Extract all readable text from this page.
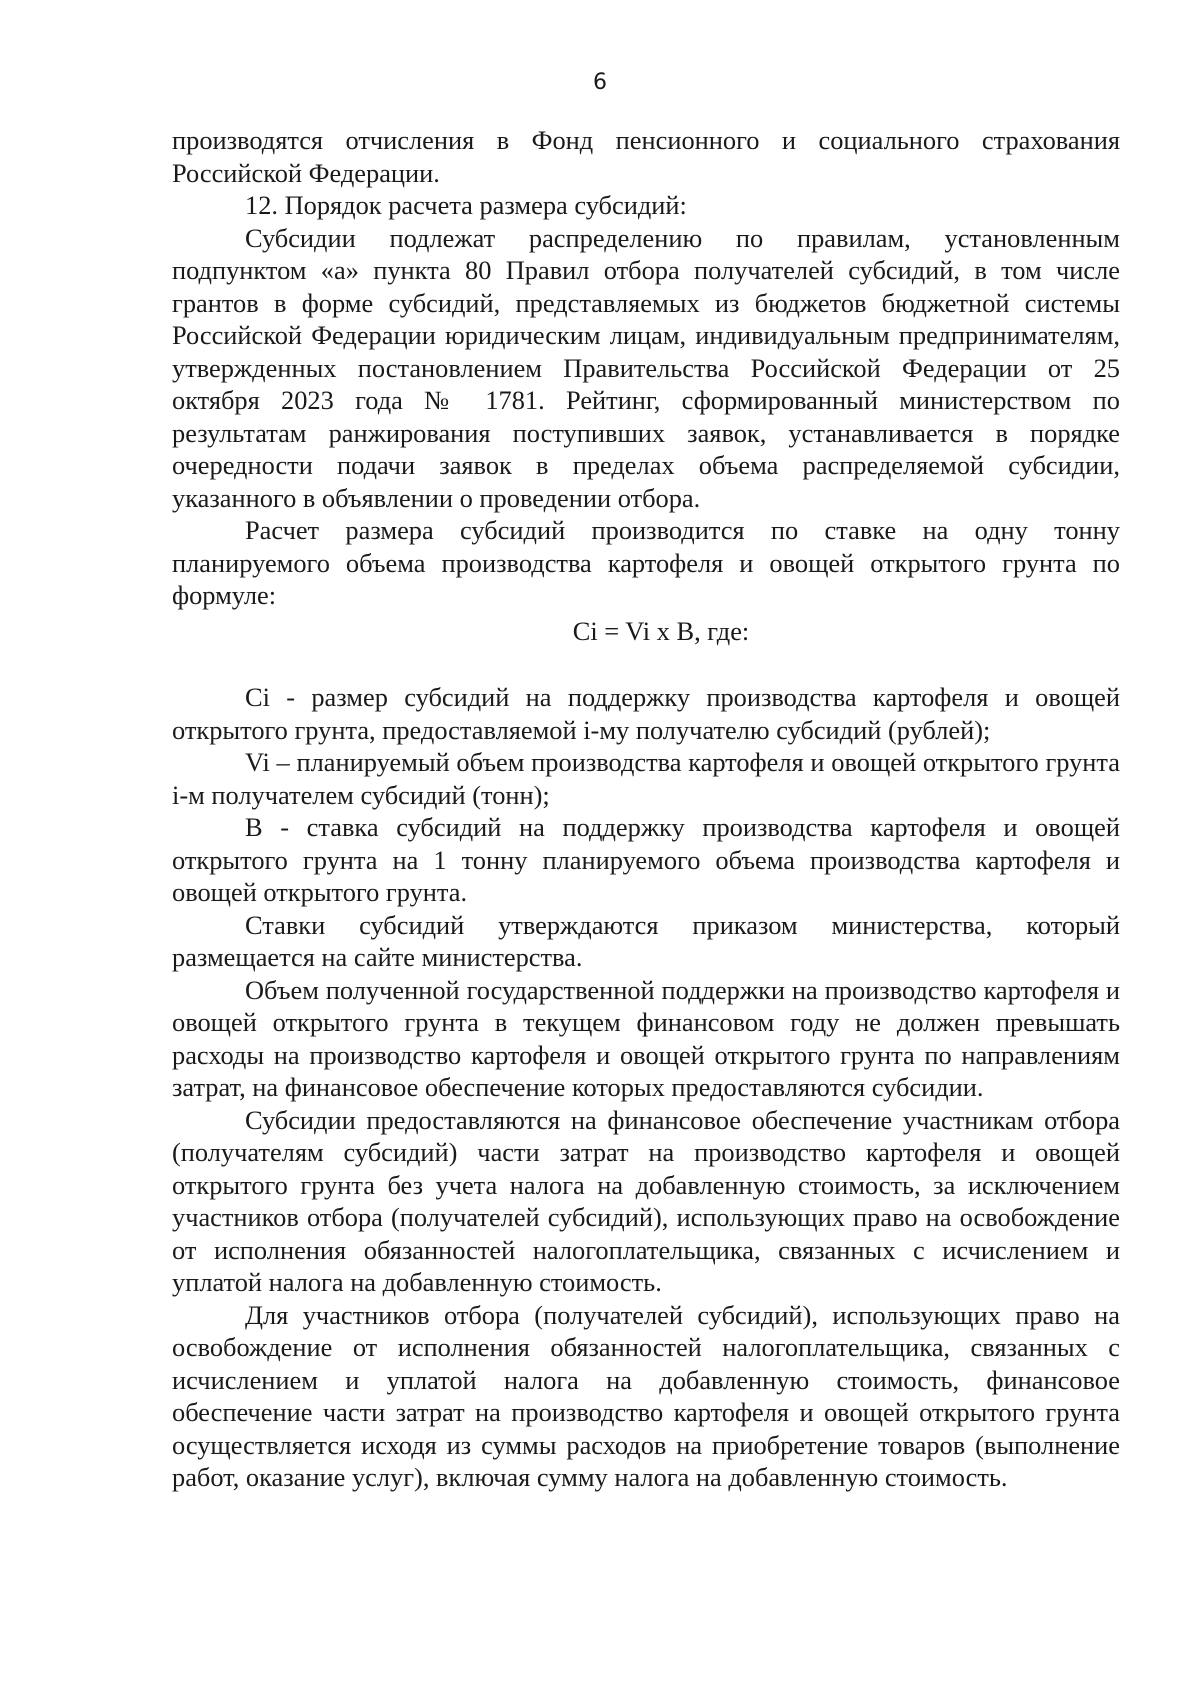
6

производятся отчисления в Фонд пенсионного и социального страхования Российской Федерации.

12. Порядок расчета размера субсидий:

Субсидии подлежат распределению по правилам, установленным подпунктом «а» пункта 80 Правил отбора получателей субсидий, в том числе грантов в форме субсидий, представляемых из бюджетов бюджетной системы Российской Федерации юридическим лицам, индивидуальным предпринимателям, утвержденных постановлением Правительства Российской Федерации от 25 октября 2023 года № 1781. Рейтинг, сформированный министерством по результатам ранжирования поступивших заявок, устанавливается в порядке очередности подачи заявок в пределах объема распределяемой субсидии, указанного в объявлении о проведении отбора.

Расчет размера субсидий производится по ставке на одну тонну планируемого объема производства картофеля и овощей открытого грунта по формуле:

Ci = Vi x B, где:

Ci - размер субсидий на поддержку производства картофеля и овощей открытого грунта, предоставляемой i-му получателю субсидий (рублей);

Vi – планируемый объем производства картофеля и овощей открытого грунта i-м получателем субсидий (тонн);

B - ставка субсидий на поддержку производства картофеля и овощей открытого грунта на 1 тонну планируемого объема производства картофеля и овощей открытого грунта.

Ставки субсидий утверждаются приказом министерства, который размещается на сайте министерства.

Объем полученной государственной поддержки на производство картофеля и овощей открытого грунта в текущем финансовом году не должен превышать расходы на производство картофеля и овощей открытого грунта по направлениям затрат, на финансовое обеспечение которых предоставляются субсидии.

Субсидии предоставляются на финансовое обеспечение участникам отбора (получателям субсидий) части затрат на производство картофеля и овощей открытого грунта без учета налога на добавленную стоимость, за исключением участников отбора (получателей субсидий), использующих право на освобождение от исполнения обязанностей налогоплательщика, связанных с исчислением и уплатой налога на добавленную стоимость.

Для участников отбора (получателей субсидий), использующих право на освобождение от исполнения обязанностей налогоплательщика, связанных с исчислением и уплатой налога на добавленную стоимость, финансовое обеспечение части затрат на производство картофеля и овощей открытого грунта осуществляется исходя из суммы расходов на приобретение товаров (выполнение работ, оказание услуг), включая сумму налога на добавленную стоимость.
